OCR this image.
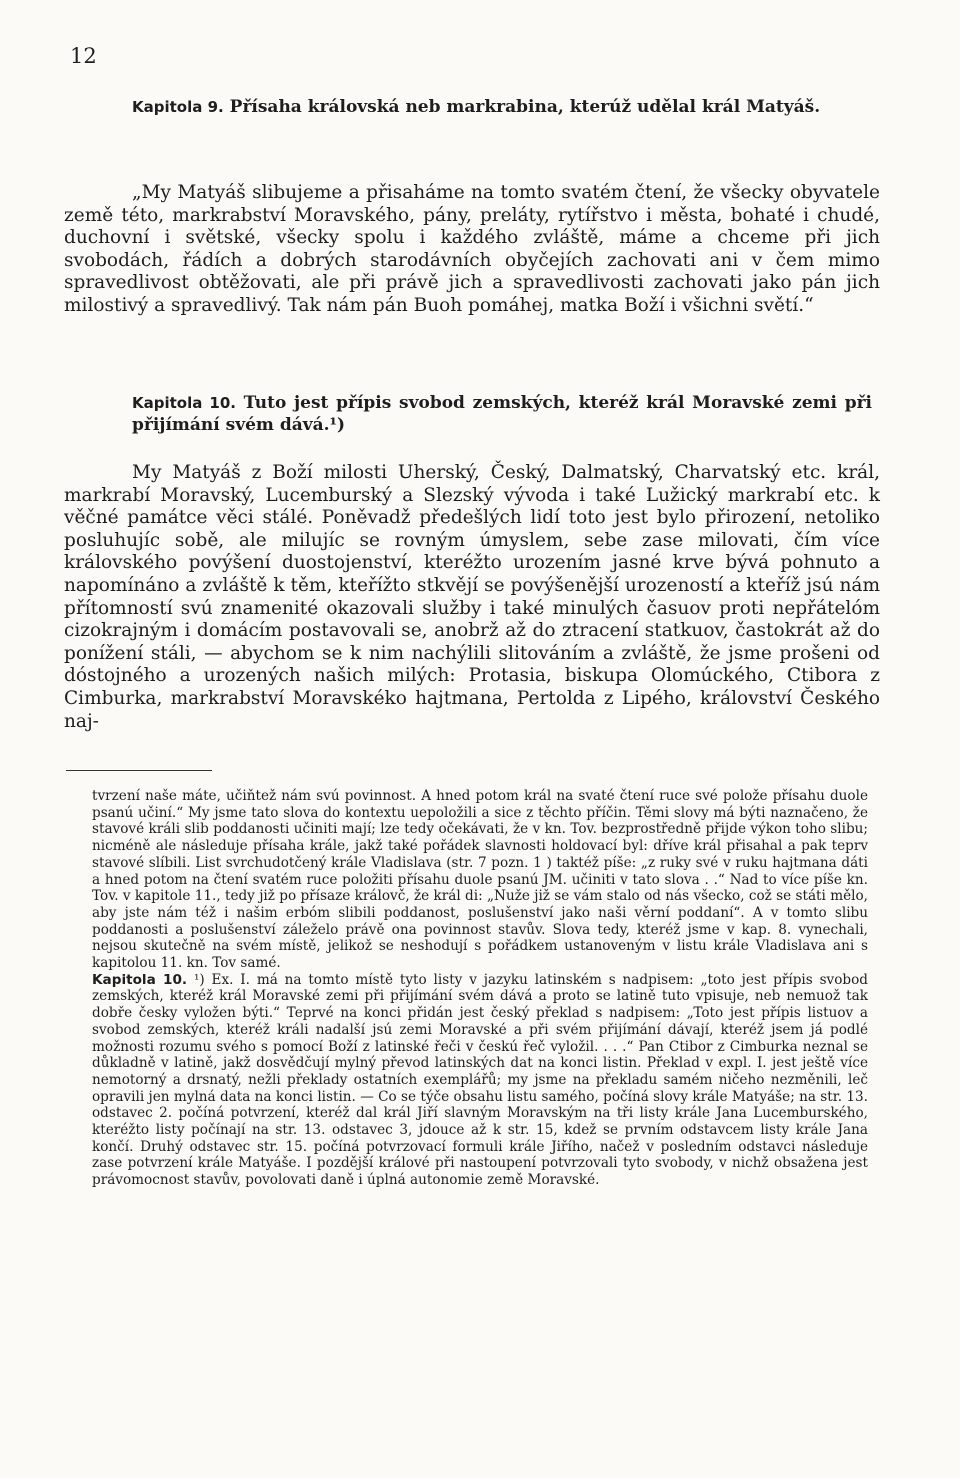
12
Kapitola 9. Přísaha královská neb markrabina, kterúž udělal král Matyáš.

„My Matyáš slibujeme a přisaháme na tomto svatém čtení, že všecky obyvatele země této, markrabství Moravského, pány, preláty, rytířstvo i města, bohaté i chudé, duchovní i světské, všecky spolu i každého zvláště, máme a chceme při jich svobodách, řádích a dobrých starodávních obyčejích zachovati ani v čem mimo spravedlivost obtěžovati, ale při právě jich a spravedlivosti zachovati jako pán jich milostivý a spravedlivý. Tak nám pán Buoh pomáhej, matka Boží i všichni světí.“

Kapitola 10. Tuto jest přípis svobod zemských, kteréž král Moravské zemi při přijímání svém dává.¹)

My Matyáš z Boží milosti Uherský, Český, Dalmatský, Charvatský etc. král, markrabí Moravský, Lucemburský a Slezský vývoda i také Lužický markrabí etc. k věčné památce věci stálé. Poněvadž předešlých lidí toto jest bylo přirození, netoliko posluhujíc sobě, ale milujíc se rovným úmyslem, sebe zase milovati, čím více královského povýšení duostojenství, kteréžto urozením jasné krve bývá pohnuto a napomínáno a zvláště k těm, kteřížto stkvějí se povýšenější urozeností a kteříž jsú nám přítomností svú znamenité okazovali služby i také minulých časuov proti nepřátelóm cizokrajným i domácím postavovali se, anobrž až do ztracení statkuov, častokrát až do ponížení stáli, — abychom se k nim nachýlili slitováním a zvláště, že jsme prošeni od dóstojného a urozených našich milých: Protasia, biskupa Olomúckého, Ctibora z Cimburka, markrabství Moravskéko hajtmana, Pertolda z Lipého, království Českého naj-

tvrzení naše máte, učiňtež nám svú povinnost. A hned potom král na svaté čtení ruce své polože přísahu duole psanú učiní.“ My jsme tato slova do kontextu uepoložili a sice z těchto příčin. Těmi slovy má býti naznačeno, že stavové králi slib poddanosti učiniti mají; lze tedy očekávati, že v kn. Tov. bezprostředně přijde výkon toho slibu; nicméně ale následuje přísaha krále, jakž také pořádek slavnosti holdovací byl: dříve král přisahal a pak teprv stavové slíbili. List svrchudotčený krále Vladislava (str. 7 pozn. 1 ) taktéž píše: „z ruky své v ruku hajtmana dáti a hned potom na čtení svatém ruce položiti přísahu duole psanú JM. učiniti v tato slova . .“ Nad to více píše kn. Tov. v kapitole 11., tedy již po přísaze královč, že král di: „Nuže již se vám stalo od nás všecko, což se státi mělo, aby jste nám též i našim erbóm slibili poddanost, poslušenství jako naši věrní poddaní“. A v tomto slibu poddanosti a poslušenství záleželo právě ona povinnost stavův. Slova tedy, kteréž jsme v kap. 8. vynechali, nejsou skutečně na svém místě, jelikož se neshodují s pořádkem ustanoveným v listu krále Vladislava ani s kapitolou 11. kn. Tov samé.

Kapitola 10. ¹) Ex. I. má na tomto místě tyto listy v jazyku latinském s nadpisem: „toto jest přípis svobod zemských, kteréž král Moravské zemi při přijímání svém dává a proto se latině tuto vpisuje, neb nemuož tak dobře česky vyložen býti.“ Teprvé na konci přidán jest český překlad s nadpisem: „Toto jest přípis listuov a svobod zemských, kteréž králi nadalší jsú zemi Moravské a při svém přijímání dávají, kteréž jsem já podlé možnosti rozumu svého s pomocí Boží z latinské řeči v českú řeč vyložil. . . .“ Pan Ctibor z Cimburka neznal se důkladně v latině, jakž dosvědčují mylný převod latinských dat na konci listin. Překlad v expl. I. jest ještě více nemotorný a drsnatý, nežli překlady ostatních exemplářů; my jsme na překladu samém ničeho nezměnili, leč opravili jen mylná data na konci listin. — Co se týče obsahu listu samého, počíná slovy krále Matyáše; na str. 13. odstavec 2. počíná potvrzení, kteréž dal král Jiří slavným Moravským na tři listy krále Jana Lucemburského, kteréžto listy počínají na str. 13. odstavec 3, jdouce až k str. 15, kdež se prvním odstavcem listy krále Jana končí. Druhý odstavec str. 15. počíná potvrzovací formuli krále Jiřího, načež v posledním odstavci následuje zase potvrzení krále Matyáše. I pozdější králové při nastoupení potvrzovali tyto svobody, v nichž obsažena jest právomocnost stavův, povolovati daně i úplná autonomie země Moravské.
